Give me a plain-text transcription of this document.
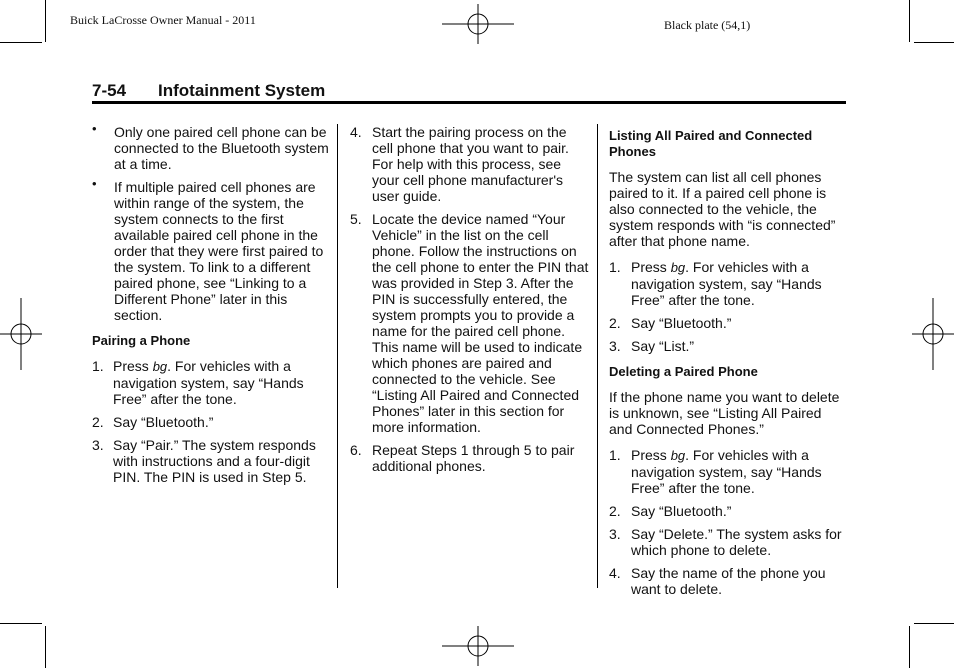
Buick LaCrosse Owner Manual - 2011	Black plate (54,1)
7-54 Infotainment System
• Only one paired cell phone can be connected to the Bluetooth system at a time.
• If multiple paired cell phones are within range of the system, the system connects to the first available paired cell phone in the order that they were first paired to the system. To link to a different paired phone, see “Linking to a Different Phone” later in this section.
Pairing a Phone
1. Press bg. For vehicles with a navigation system, say “Hands Free” after the tone.
2. Say “Bluetooth.”
3. Say “Pair.” The system responds with instructions and a four-digit PIN. The PIN is used in Step 5.
4. Start the pairing process on the cell phone that you want to pair. For help with this process, see your cell phone manufacturer's user guide.
5. Locate the device named “Your Vehicle” in the list on the cell phone. Follow the instructions on the cell phone to enter the PIN that was provided in Step 3. After the PIN is successfully entered, the system prompts you to provide a name for the paired cell phone. This name will be used to indicate which phones are paired and connected to the vehicle. See “Listing All Paired and Connected Phones” later in this section for more information.
6. Repeat Steps 1 through 5 to pair additional phones.
Listing All Paired and Connected Phones
The system can list all cell phones paired to it. If a paired cell phone is also connected to the vehicle, the system responds with “is connected” after that phone name.
1. Press bg. For vehicles with a navigation system, say “Hands Free” after the tone.
2. Say “Bluetooth.”
3. Say “List.”
Deleting a Paired Phone
If the phone name you want to delete is unknown, see “Listing All Paired and Connected Phones.”
1. Press bg. For vehicles with a navigation system, say “Hands Free” after the tone.
2. Say “Bluetooth.”
3. Say “Delete.” The system asks for which phone to delete.
4. Say the name of the phone you want to delete.
